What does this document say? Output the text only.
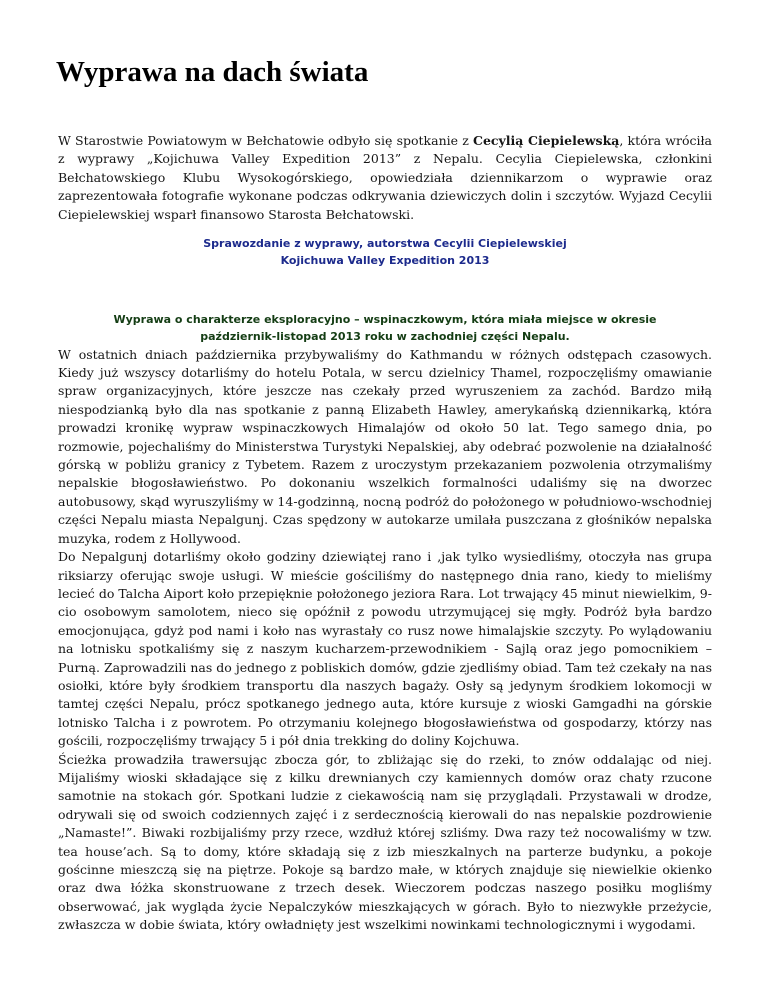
Wyprawa na dach świata

W Starostwie Powiatowym w Bełchatowie odbyło się spotkanie z Cecylią Ciepielewską, która wróciła z wyprawy „Kojichuwa Valley Expedition 2013” z Nepalu. Cecylia Ciepielewska, członkini Bełchatowskiego Klubu Wysokogórskiego, opowiedziała dziennikarzom o wyprawie oraz zaprezentowała fotografie wykonane podczas odkrywania dziewiczych dolin i szczytów. Wyjazd Cecylii Ciepielewskiej wsparł finansowo Starosta Bełchatowski.

Sprawozdanie z wyprawy, autorstwa Cecylii Ciepielewskiej
Kojichuwa Valley Expedition 2013
Wyprawa o charakterze eksploracyjno – wspinaczkowym, która miała miejsce w okresie październik-listopad 2013 roku w zachodniej części Nepalu.

W ostatnich dniach października przybywaliśmy do Kathmandu w różnych odstępach czasowych. Kiedy już wszyscy dotarliśmy do hotelu Potala, w sercu dzielnicy Thamel, rozpoczęliśmy omawianie spraw organizacyjnych, które jeszcze nas czekały przed wyruszeniem za zachód. Bardzo miłą niespodzianką było dla nas spotkanie z panną Elizabeth Hawley, amerykańską dziennikarką, która prowadzi kronikę wypraw wspinaczkowych Himalajów od około 50 lat. Tego samego dnia, po rozmowie, pojechaliśmy do Ministerstwa Turystyki Nepalskiej, aby odebrać pozwolenie na działalność górską w pobliżu granicy z Tybetem. Razem z uroczystym przekazaniem pozwolenia otrzymaliśmy nepalskie błogosławieństwo. Po dokonaniu wszelkich formalności udaliśmy się na dworzec autobusowy, skąd wyruszyliśmy w 14-godzinną, nocną podróż do położonego w południowo-wschodniej części Nepalu miasta Nepalgunj. Czas spędzony w autokarze umilała puszczana z głośników nepalska muzyka, rodem z Hollywood.

Do Nepalgunj dotarliśmy około godziny dziewiątej rano i ,jak tylko wysiedliśmy, otoczyła nas grupa riksiarzy oferując swoje usługi. W mieście gościliśmy do następnego dnia rano, kiedy to mieliśmy lecieć do Talcha Aiport koło przepięknie położonego jeziora Rara. Lot trwający 45 minut niewielkim, 9-cio osobowym samolotem, nieco się opóźnił z powodu utrzymującej się mgły. Podróż była bardzo emocjonująca, gdyż pod nami i koło nas wyrastały co rusz nowe himalajskie szczyty. Po wylądowaniu na lotnisku spotkaliśmy się z naszym kucharzem-przewodnikiem - Sajlą oraz jego pomocnikiem – Purną. Zaprowadzili nas do jednego z pobliskich domów, gdzie zjedliśmy obiad. Tam też czekały na nas osiołki, które były środkiem transportu dla naszych bagaży. Osły są jedynym środkiem lokomocji w tamtej części Nepalu, prócz spotkanego jednego auta, które kursuje z wioski Gamgadhi na górskie lotnisko Talcha i z powrotem. Po otrzymaniu kolejnego błogosławieństwa od gospodarzy, którzy nas gościli, rozpoczęliśmy trwający 5 i pół dnia trekking do doliny Kojchuwa.

Ścieżka prowadziła trawersując zbocza gór, to zbliżając się do rzeki, to znów oddalając od niej. Mijaliśmy wioski składające się z kilku drewnianych czy kamiennych domów oraz chaty rzucone samotnie na stokach gór. Spotkani ludzie z ciekawością nam się przyglądali. Przystawali w drodze, odrywali się od swoich codziennych zajęć i z serdecznością kierowali do nas nepalskie pozdrowienie „Namaste!”. Biwaki rozbijaliśmy przy rzece, wzdłuż której szliśmy. Dwa razy też nocowaliśmy w tzw. tea house’ach. Są to domy, które składają się z izb mieszkalnych na parterze budynku, a pokoje gościnne mieszczą się na piętrze. Pokoje są bardzo małe, w których znajduje się niewielkie okienko oraz dwa łóżka skonstruowane z trzech desek. Wieczorem podczas naszego posiłku mogliśmy obserwować, jak wygląda życie Nepalczyków mieszkających w górach. Było to niezwykłe przeżycie, zwłaszcza w dobie świata, który owładnięty jest wszelkimi nowinkami technologicznymi i wygodami.
